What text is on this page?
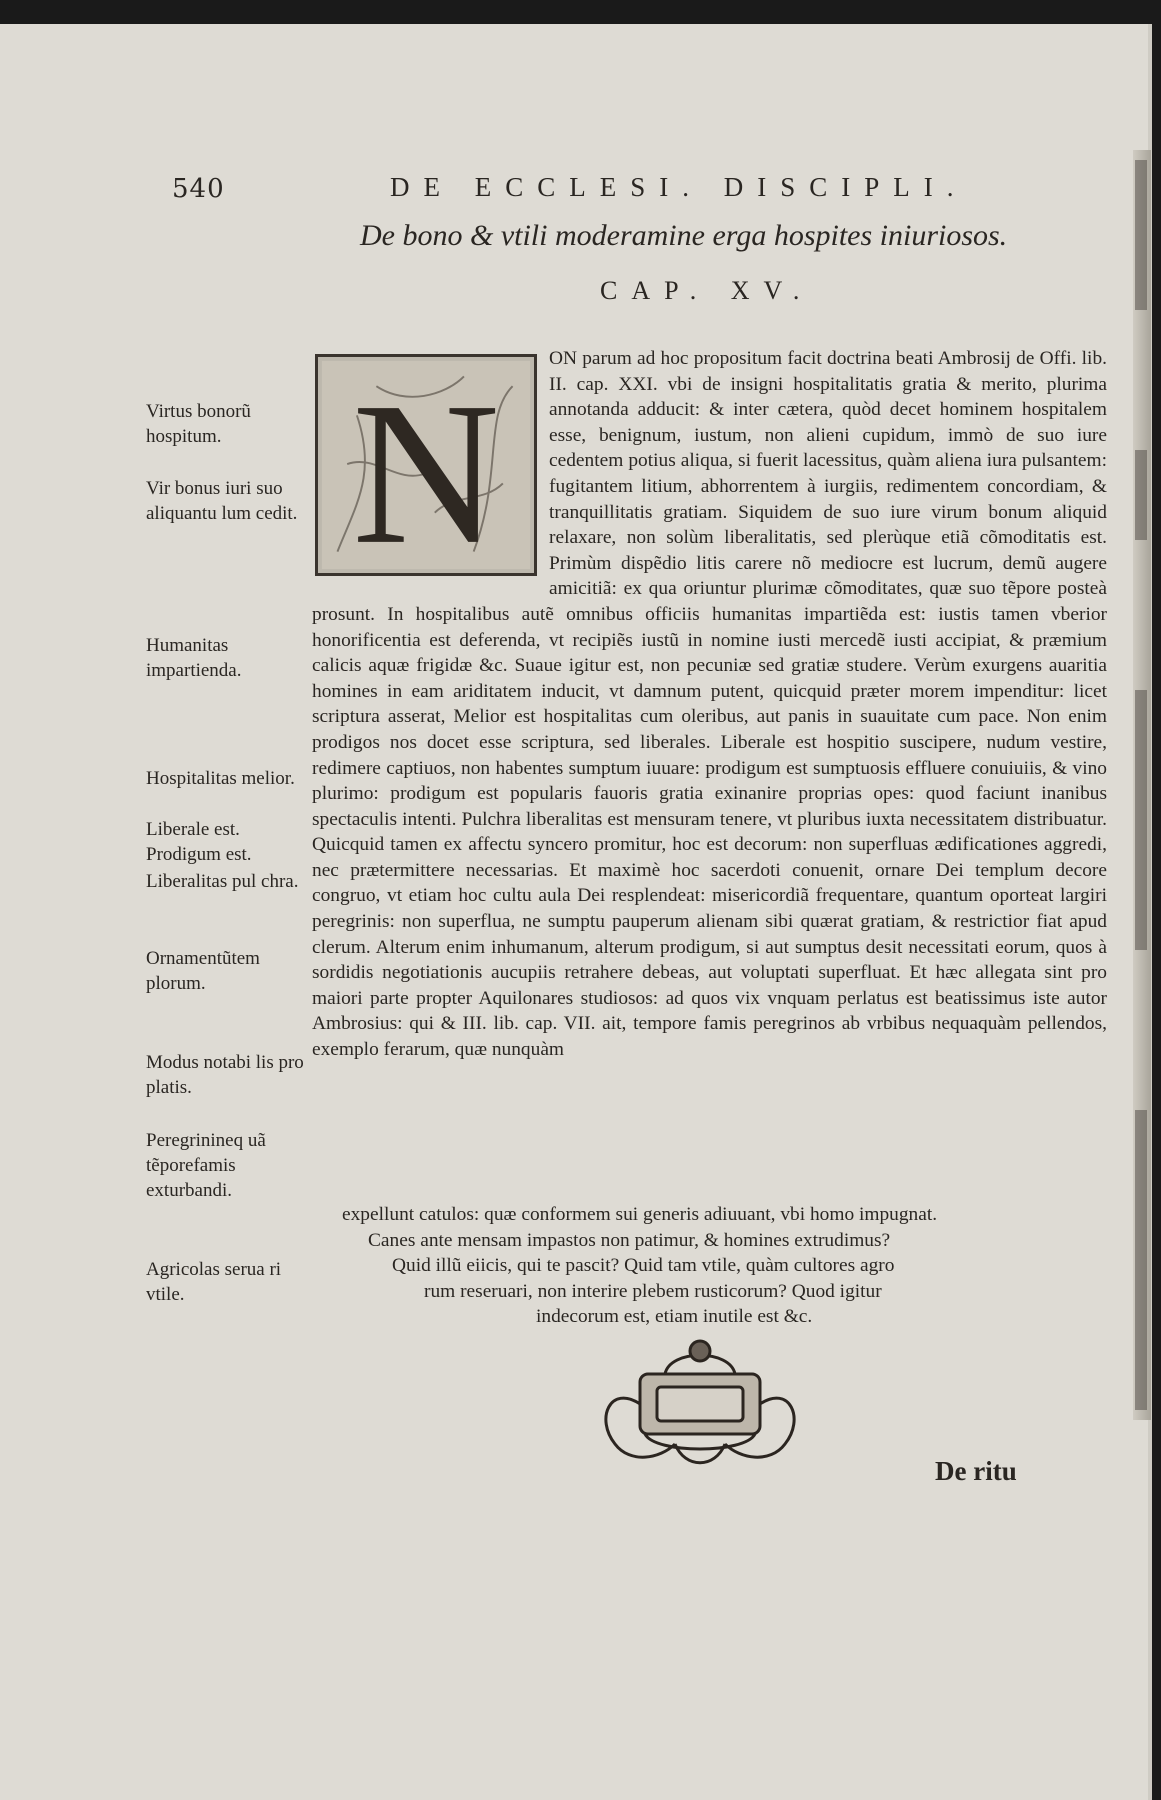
540	DE ECCLESI. DISCIPLI.
De bono & vtili moderamine erga hospites iniuriosos.
CAP. XV.
Virtus bonorũ hospitum.
Vir bonus iuri suo aliquantu lum cedit.
Humanitas impartienda.
Hospitalitas melior.
Liberale est.
Prodigum est.
Liberalitas pul chra.
Ornamentũtem plorum.
Modus notabi lis pro platis.
Peregrinineq uã tẽporefamis exturbandi.
Agricolas serua ri vtile.
N
ON parum ad hoc propositum facit doctrina beati Ambrosij de Offi. lib. II. cap. XXI. vbi de insigni hospitalitatis gratia & merito, plurima annotanda adducit: & inter cætera, quòd decet hominem hospitalem esse, benignum, iustum, non alieni cupidum, immò de suo iure cedentem potius aliqua, si fuerit lacessitus, quàm aliena iura pulsantem: fugitantem litium, abhorrentem à iurgiis, redimentem concordiam, & tranquillitatis gratiam. Siquidem de suo iure virum bonum aliquid relaxare, non solùm liberalitatis, sed plerùque etiã cõmoditatis est. Primùm dispẽdio litis carere nõ mediocre est lucrum, demũ augere amicitiã: ex qua oriuntur plurimæ cõmoditates, quæ suo tẽpore posteà prosunt. In hospitalibus autẽ omnibus officiis humanitas impartiẽda est: iustis tamen vberior honorificentia est deferenda, vt recipiẽs iustũ in nomine iusti mercedẽ iusti accipiat, & præmium calicis aquæ frigidæ &c. Suaue igitur est, non pecuniæ sed gratiæ studere. Verùm exurgens auaritia homines in eam ariditatem inducit, vt damnum putent, quicquid præter morem impenditur: licet scriptura asserat, Melior est hospitalitas cum oleribus, aut panis in suauitate cum pace. Non enim prodigos nos docet esse scriptura, sed liberales. Liberale est hospitio suscipere, nudum vestire, redimere captiuos, non habentes sumptum iuuare: prodigum est sumptuosis effluere conuiuiis, & vino plurimo: prodigum est popularis fauoris gratia exinanire proprias opes: quod faciunt inanibus spectaculis intenti. Pulchra liberalitas est mensuram tenere, vt pluribus iuxta necessitatem distribuatur. Quicquid tamen ex affectu syncero promitur, hoc est decorum: non superfluas ædificationes aggredi, nec prætermittere necessarias. Et maximè hoc sacerdoti conuenit, ornare Dei templum decore congruo, vt etiam hoc cultu aula Dei resplendeat: misericordiã frequentare, quantum oporteat largiri peregrinis: non superflua, ne sumptu pauperum alienam sibi quærat gratiam, & restrictior fiat apud clerum. Alterum enim inhumanum, alterum prodigum, si aut sumptus desit necessitati eorum, quos à sordidis negotiationis aucupiis retrahere debeas, aut voluptati superfluat. Et hæc allegata sint pro maiori parte propter Aquilonares studiosos: ad quos vix vnquam perlatus est beatissimus iste autor Ambrosius: qui & III. lib. cap. VII. ait, tempore famis peregrinos ab vrbibus nequaquàm pellendos, exemplo ferarum, quæ nunquàm
expellunt catulos: quæ conformem sui generis adiuuant, vbi homo impugnat.
Canes ante mensam impastos non patimur, & homines extrudimus?
Quid illũ eiicis, qui te pascit? Quid tam vtile, quàm cultores agro
rum reseruari, non interire plebem rusticorum? Quod igitur
indecorum est, etiam inutile est &c.
De ritu
